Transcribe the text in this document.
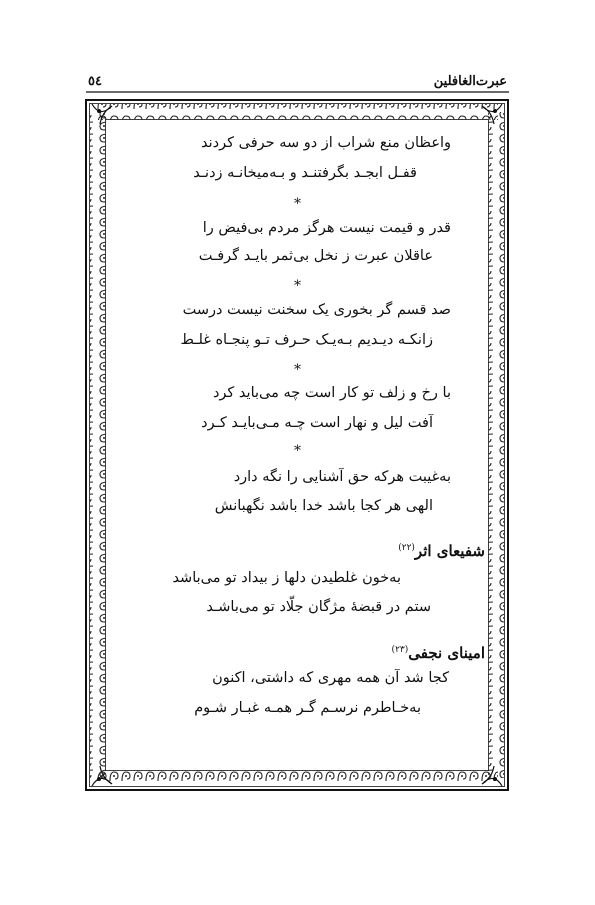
عبرت‌الغافلین
٥٤
واعظان منع شراب از دو سه حرفی کردند
قفـل ابجـد بگرفتنـد و بـه‌میخانـه زدنـد
*
قدر و قیمت نیست هرگز مردم بی‌فیض را
عاقلان عبرت ز نخل بی‌ثمر بایـد گرفـت
*
صد قسم گر بخوری یک سخنت نیست درست
زانکـه دیـدیم بـه‌یـک حـرف تـو پنجـاه غلـط
*
با رخ و زلف تو کار است چه می‌باید کرد
آفت لیل و نهار است چـه مـی‌بایـد کـرد
*
به‌غیبت هرکه حق آشنایی را نگه دارد
الهی هر کجا باشد خدا باشد نگهبانش
شفیعای اثر$^{(٢٢)}$
به‌خون غلطیدن دلها ز بیداد تو می‌باشد
ستم در قبضهٔ مژگان جلّاد تو می‌باشـد
امینای نجفی$^{(٢٣)}$
کجا شد آن همه مهری که داشتی، اکنون
به‌خـاطرم نرسـم گـر همـه غبـار شـوم
